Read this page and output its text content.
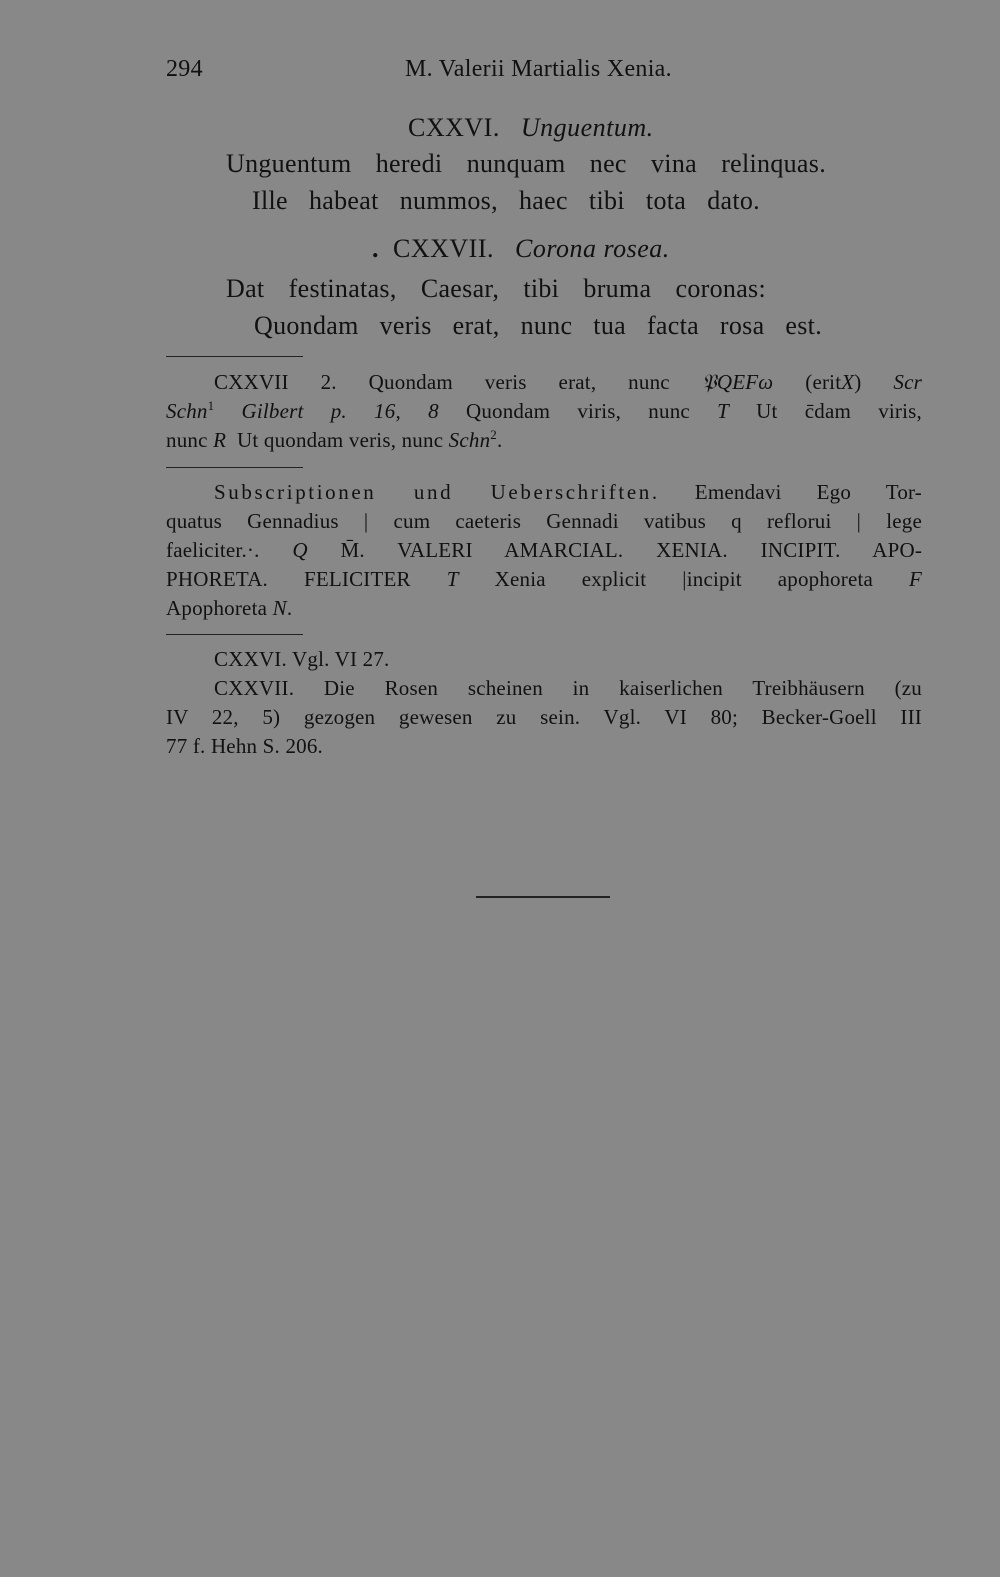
294	M. Valerii Martialis Xenia.
CXXVI. Unguentum.
Unguentum heredi nunquam nec vina relinquas.
Ille habeat nummos, haec tibi tota dato.
. CXXVII. Corona rosea.
Dat festinatas, Caesar, tibi bruma coronas:
Quondam veris erat, nunc tua facta rosa est.
CXXVII 2. Quondam veris erat, nunc 𝔓QEFω (eritX) Scr
Schn$^1$ Gilbert p. 16, 8 Quondam viris, nunc T Ut c̄dam viris,
nunc R Ut quondam veris, nunc Schn$^2$.
Subscriptionen und Ueberschriften. Emendavi Ego Tor-
quatus Gennadius | cum caeteris Gennadi vatibus q reflorui | lege
faeliciter.·. Q M̄. VALERI AMARCIAL. XENIA. INCIPIT. APO-
PHORETA. FELICITER T Xenia explicit |incipit apophoreta F
Apophoreta N.
CXXVI. Vgl. VI 27.
CXXVII. Die Rosen scheinen in kaiserlichen Treibhäusern (zu
IV 22, 5) gezogen gewesen zu sein. Vgl. VI 80; Becker-Goell III
77 f. Hehn S. 206.
